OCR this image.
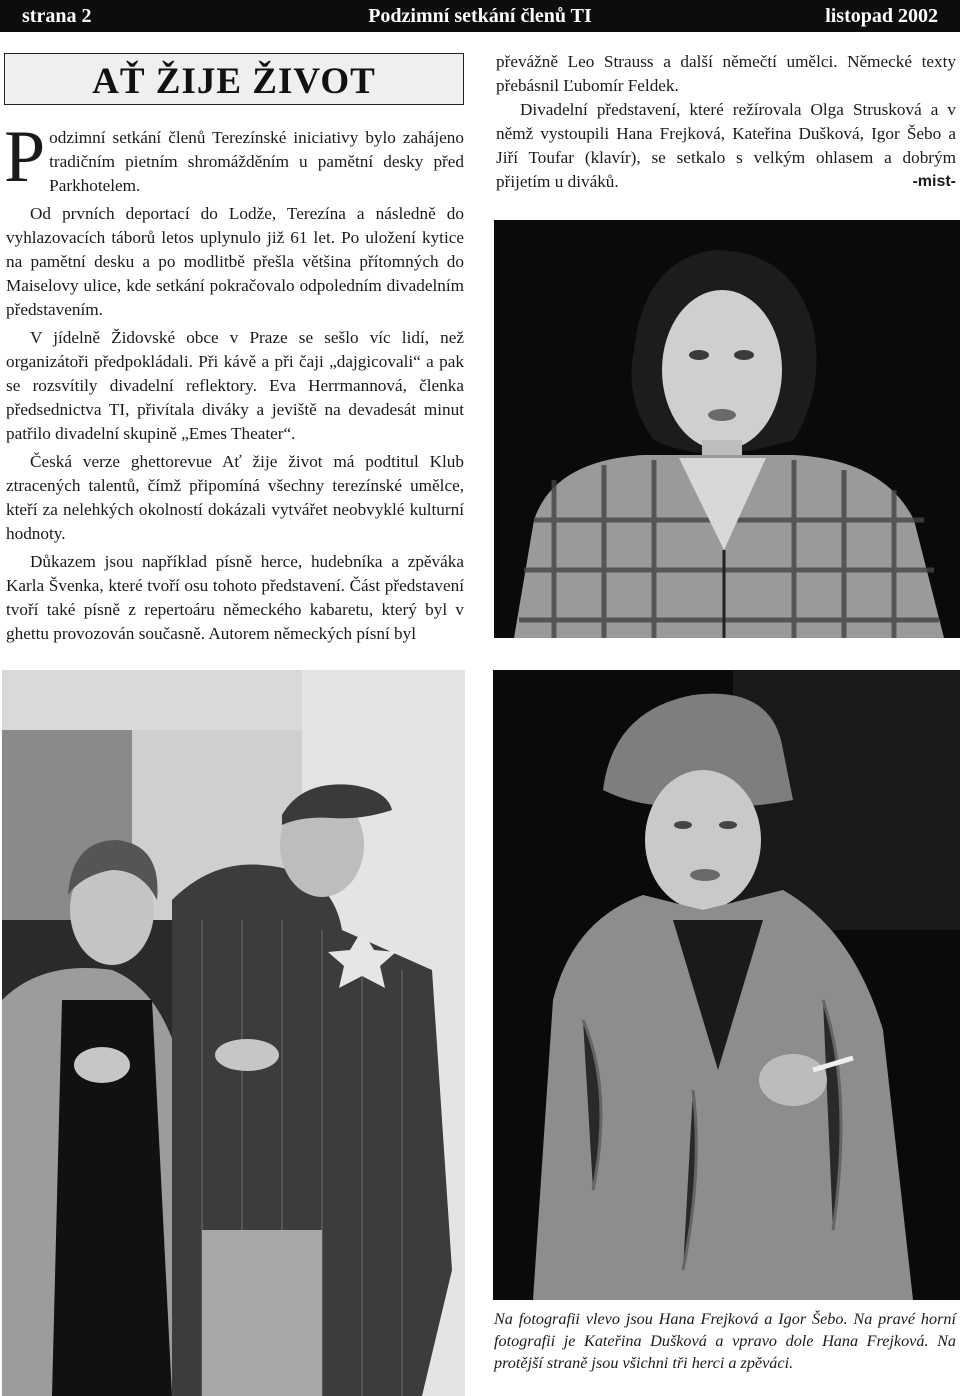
strana 2	Podzimní setkání členů TI	listopad 2002
AŤ ŽIJE ŽIVOT

Podzimní setkání členů Terezínské iniciativy bylo zahájeno tradičním pietním shromážděním u pamětní desky před Parkhotelem.

Od prvních deportací do Lodže, Terezína a následně do vyhlazovacích táborů letos uplynulo již 61 let. Po uložení kytice na pamětní desku a po modlitbě přešla většina přítomných do Maiselovy ulice, kde setkání pokračovalo odpoledním divadelním představením.

V jídelně Židovské obce v Praze se sešlo víc lidí, než organizátoři předpokládali. Při kávě a při čaji „dajgicovali“ a pak se rozsvítily divadelní reflektory. Eva Herrmannová, členka předsednictva TI, přivítala diváky a jeviště na devadesát minut patřilo divadelní skupině „Emes Theater“.

Česká verze ghettorevue Ať žije život má podtitul Klub ztracených talentů, čímž připomíná všechny terezínské umělce, kteří za nelehkých okolností dokázali vytvářet neobvyklé kulturní hodnoty.

Důkazem jsou například písně herce, hudebníka a zpěváka Karla Švenka, které tvoří osu tohoto představení. Část představení tvoří také písně z repertoáru německého kabaretu, který byl v ghettu provozován současně. Autorem německých písní byl

převážně Leo Strauss a další němečtí umělci. Německé texty přebásnil Ľubomír Feldek.

Divadelní představení, které režírovala Olga Strusková a v němž vystoupili Hana Frejková, Kateřina Dušková, Igor Šebo a Jiří Toufar (klavír), se setkalo s velkým ohlasem a dobrým přijetím u diváků.	-mist-

Na fotografii vlevo jsou Hana Frejková a Igor Šebo. Na pravé horní fotografii je Kateřina Dušková a vpravo dole Hana Frejková. Na protější straně jsou všichni tři herci a zpěváci.
